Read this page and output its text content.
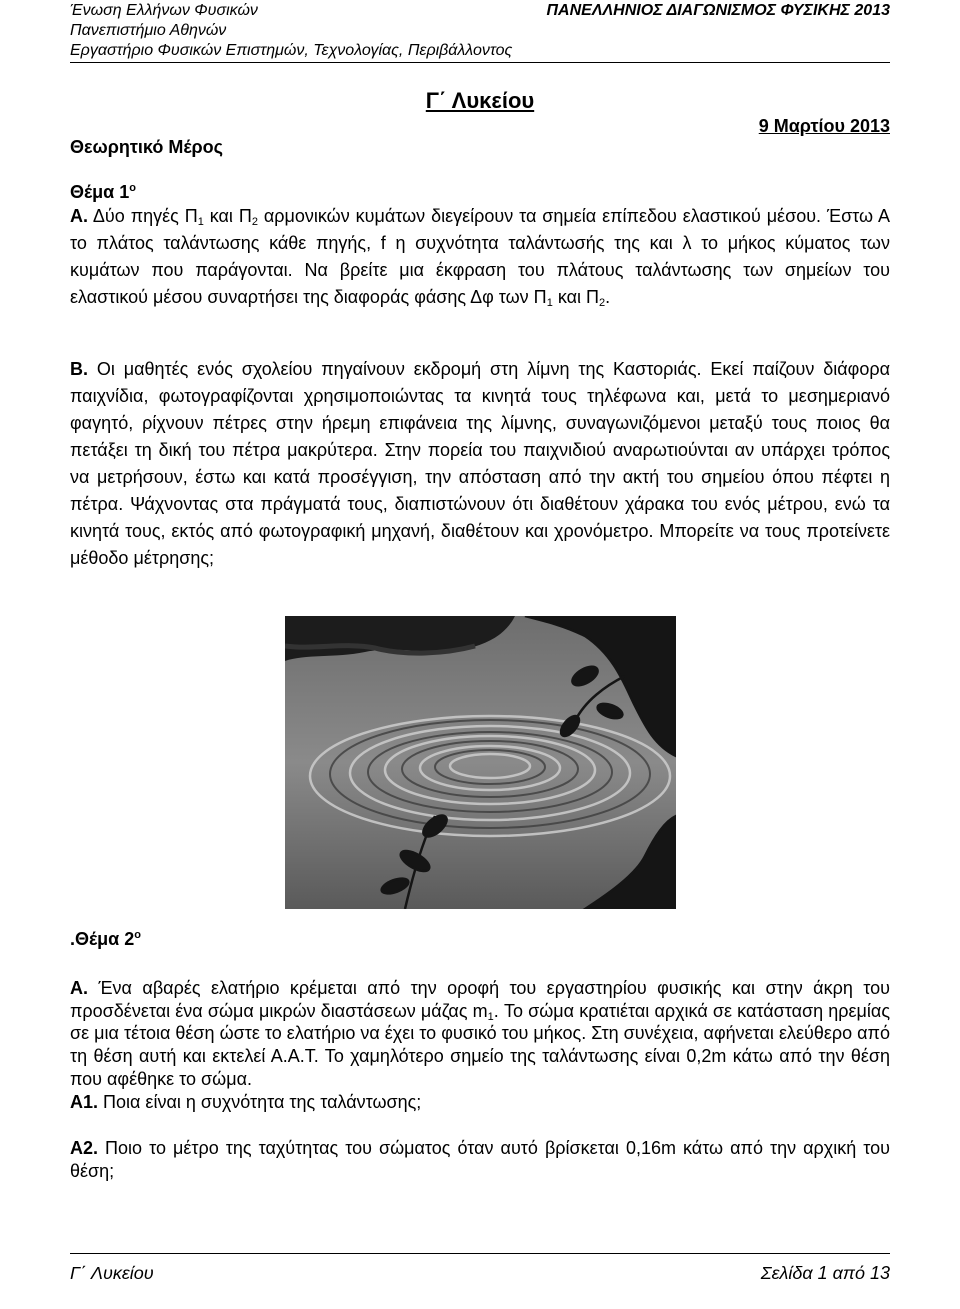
Ένωση Ελλήνων Φυσικών
Πανεπιστήμιο Αθηνών
Εργαστήριο Φυσικών Επιστημών, Τεχνολογίας, Περιβάλλοντος
ΠΑΝΕΛΛΗΝΙΟΣ ΔΙΑΓΩΝΙΣΜΟΣ ΦΥΣΙΚΗΣ 2013
Γ΄ Λυκείου
9 Μαρτίου 2013
Θεωρητικό Μέρος
Θέμα $1^o$
Α. Δύο πηγές $\Pi_1$ και $\Pi_2$ αρμονικών κυμάτων διεγείρουν τα σημεία επίπεδου ελαστικού μέσου. Έστω Α το πλάτος ταλάντωσης κάθε πηγής, f η συχνότητα ταλάντωσής της και λ το μήκος κύματος των κυμάτων που παράγονται. Να βρείτε μια έκφραση του πλάτους ταλάντωσης των σημείων του ελαστικού μέσου συναρτήσει της διαφοράς φάσης Δφ των $\Pi_1$ και $\Pi_2$.
Β. Οι μαθητές ενός σχολείου πηγαίνουν εκδρομή στη λίμνη της Καστοριάς. Εκεί παίζουν διάφορα παιχνίδια, φωτογραφίζονται χρησιμοποιώντας τα κινητά τους τηλέφωνα και, μετά το μεσημεριανό φαγητό, ρίχνουν πέτρες στην ήρεμη επιφάνεια της λίμνης, συναγωνιζόμενοι μεταξύ τους ποιος θα πετάξει τη δική του πέτρα μακρύτερα. Στην πορεία του παιχνιδιού αναρωτιούνται αν υπάρχει τρόπος να μετρήσουν, έστω και κατά προσέγγιση, την απόσταση από την ακτή του σημείου όπου πέφτει η πέτρα. Ψάχνοντας στα πράγματά τους, διαπιστώνουν ότι διαθέτουν χάρακα του ενός μέτρου, ενώ τα κινητά τους, εκτός από φωτογραφική μηχανή, διαθέτουν και χρονόμετρο. Μπορείτε να τους προτείνετε μέθοδο μέτρησης;
.Θέμα $2^o$
Α. Ένα αβαρές ελατήριο κρέμεται από την οροφή του εργαστηρίου φυσικής και στην άκρη του προσδένεται ένα σώμα μικρών διαστάσεων μάζας $m_1$. Το σώμα κρατιέται αρχικά σε κατάσταση ηρεμίας σε μια τέτοια θέση ώστε το ελατήριο να έχει το φυσικό του μήκος. Στη συνέχεια, αφήνεται ελεύθερο από τη θέση αυτή και εκτελεί Α.Α.Τ. Το χαμηλότερο σημείο της ταλάντωσης είναι 0,2m κάτω από την θέση που αφέθηκε το σώμα.
Α1. Ποια είναι η συχνότητα της ταλάντωσης;
Α2. Ποιο το μέτρο της ταχύτητας του σώματος όταν αυτό βρίσκεται 0,16m κάτω από την αρχική του θέση;
Γ΄ Λυκείου	Σελίδα 1 από 13
